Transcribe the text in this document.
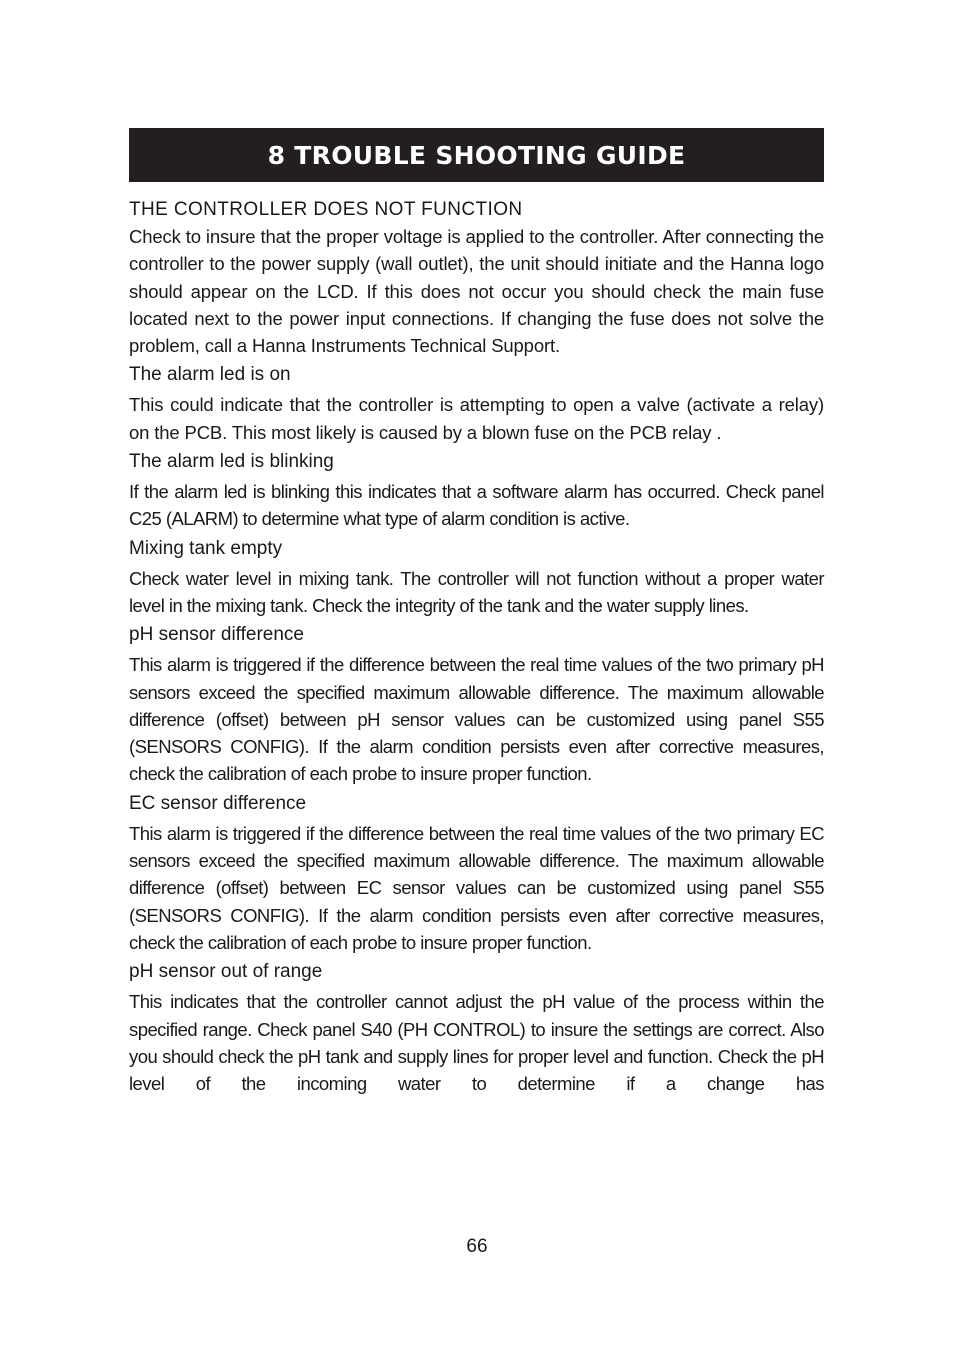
8 TROUBLE SHOOTING GUIDE
THE CONTROLLER DOES NOT FUNCTION

Check to insure that the proper voltage is applied to the controller. After connecting the controller to the power supply (wall outlet), the unit should initiate and the Hanna logo should appear on the LCD. If this does not occur you should check the main fuse located next to the power input connections. If changing the fuse does not solve the problem, call a Hanna Instruments Technical Support.

The alarm led is on

This could indicate that the controller is attempting to open a valve (activate a relay) on the PCB. This most likely is caused by a blown fuse on the PCB relay .

The alarm led is blinking

If the alarm led is blinking this indicates that a software alarm has occurred. Check panel C25 (ALARM) to determine what type of alarm condition is active.

Mixing tank empty

Check water level in mixing tank. The controller will not function without a proper water level in the mixing tank. Check the integrity of the tank and the water supply lines.

pH sensor difference

This alarm is triggered if the difference between the real time values of the two primary pH sensors exceed the specified maximum allowable difference. The maximum allowable difference (offset) between pH sensor values can be customized using panel S55 (SENSORS CONFIG). If the alarm condition persists even after corrective measures, check the calibration of each probe to insure proper function.

EC sensor difference

This alarm is triggered if the difference between the real time values of the two primary EC sensors exceed the specified maximum allowable difference. The maximum allowable difference (offset) between EC sensor values can be customized using panel S55 (SENSORS CONFIG). If the alarm condition persists even after corrective measures, check the calibration of each probe to insure proper function.

pH sensor out of range

This indicates that the controller cannot adjust the pH value of the process within the specified range. Check panel S40 (PH CONTROL) to insure the settings are correct. Also you should check the pH tank and supply lines for proper level and function. Check the pH level of the incoming water to determine if a change has

66
